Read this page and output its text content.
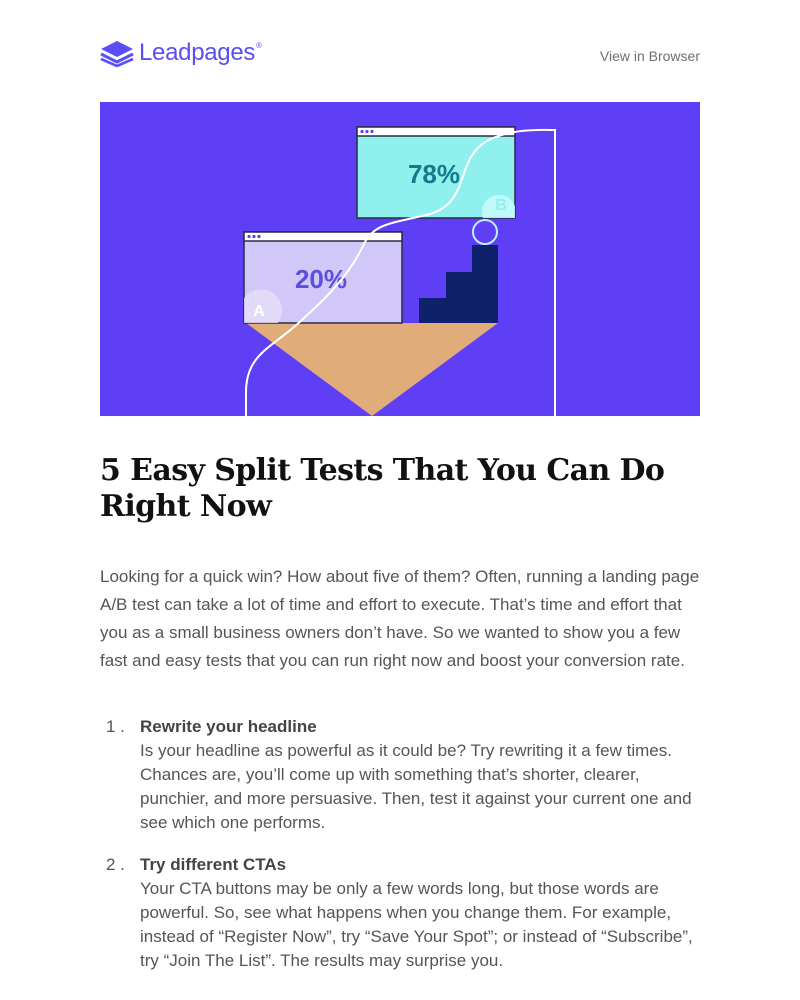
Leadpages®
View in Browser
20%
A
78%
B
5 Easy Split Tests That You Can Do Right Now

Looking for a quick win? How about five of them? Often, running a landing page A/B test can take a lot of time and effort to execute. That’s time and effort that you as a small business owners don’t have. So we wanted to show you a few fast and easy tests that you can run right now and boost your conversion rate.

1 . Rewrite your headline
Is your headline as powerful as it could be? Try rewriting it a few times. Chances are, you’ll come up with something that’s shorter, clearer, punchier, and more persuasive. Then, test it against your current one and see which one performs.
2 . Try different CTAs
Your CTA buttons may be only a few words long, but those words are powerful. So, see what happens when you change them. For example, instead of “Register Now”, try “Save Your Spot”; or instead of “Subscribe”, try “Join The List”. The results may surprise you.
